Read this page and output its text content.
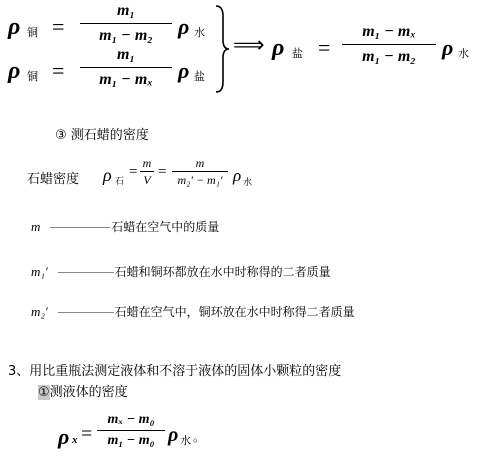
ρ 铜 =
m₁
m₁ − m₂ ρ 水
ρ 铜 =
m₁
m₁ − mₓ ρ 盐
⟹ ρ 盐 =
m₁ − mₓ
m₁ − m₂ ρ 水
③ 测石蜡的密度
石蜡密度 ρ 石
=
m
V =
m
m₂′ − m₁′ ρ 水
m	石蜡在空气中的质量
m₁′	石蜡和铜环都放在水中时称得的二者质量
m₂′	石蜡在空气中，铜环放在水中时称得二者质量
3、用比重瓶法测定液体和不溶于液体的固体小颗粒的密度
①测液体的密度
ρ x =
mₓ − m₀
m₁ − m₀ ρ 水 。
